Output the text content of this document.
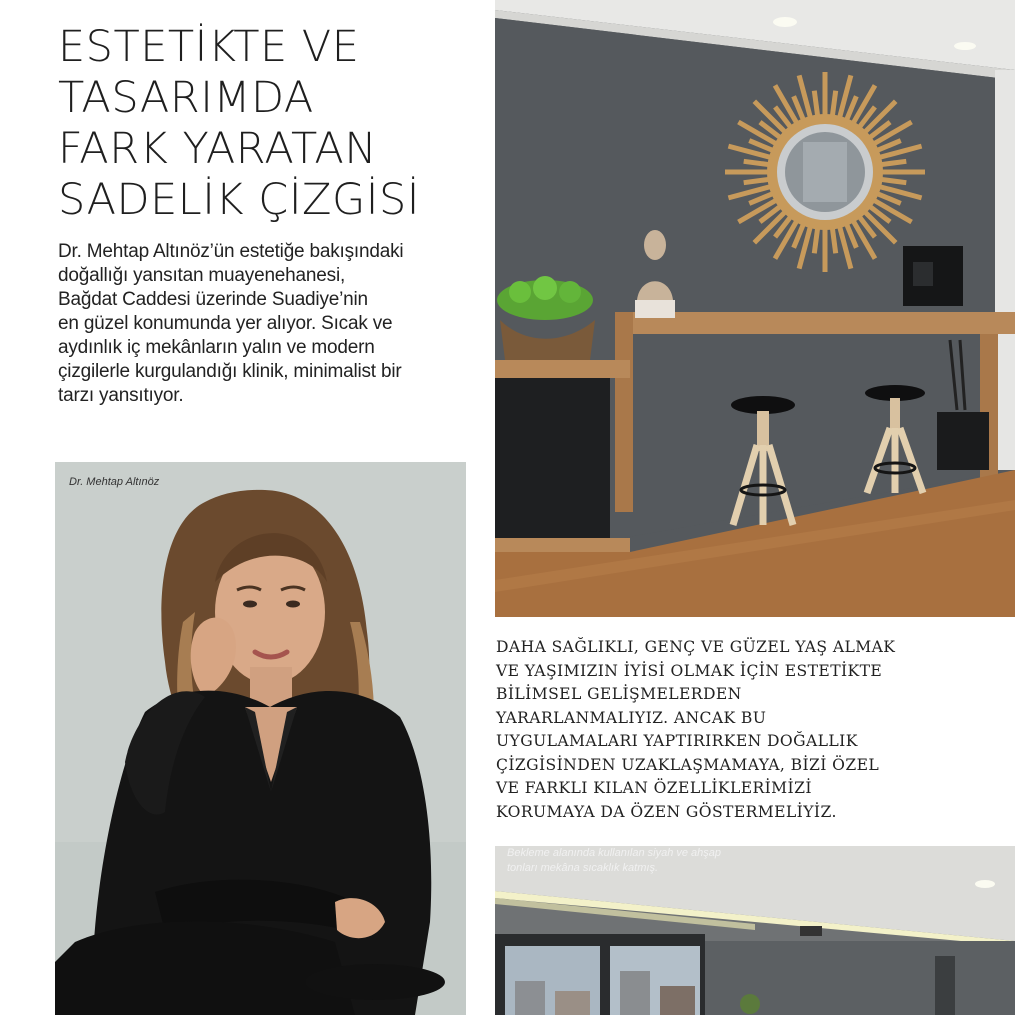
ESTETİKTE VE
TASARIMDA
FARK YARATAN
SADELİK ÇİZGİSİ

Dr. Mehtap Altınöz’ün estetiğe bakışındaki
doğallığı yansıtan muayenehanesi,
Bağdat Caddesi üzerinde Suadiye’nin
en güzel konumunda yer alıyor. Sıcak ve
aydınlık iç mekânların yalın ve modern
çizgilerle kurgulandığı klinik, minimalist bir
tarzı yansıtıyor.

Dr. Mehtap Altınöz

DAHA SAĞLIKLI, GENÇ VE GÜZEL YAŞ ALMAK
VE YAŞIMIZIN İYİSİ OLMAK İÇİN ESTETİKTE
BİLİMSEL GELİŞMELERDEN
YARARLANMALIYIZ. ANCAK BU
UYGULAMALARI YAPTIRIRKEN DOĞALLIK
ÇİZGİSİNDEN UZAKLAŞMAMAYA, BİZİ ÖZEL
VE FARKLI KILAN ÖZELLİKLERİMİZİ
KORUMAYA DA ÖZEN GÖSTERMELİYİZ.

Bekleme alanında kullanılan siyah ve ahşap
tonları mekâna sıcaklık katmış.
